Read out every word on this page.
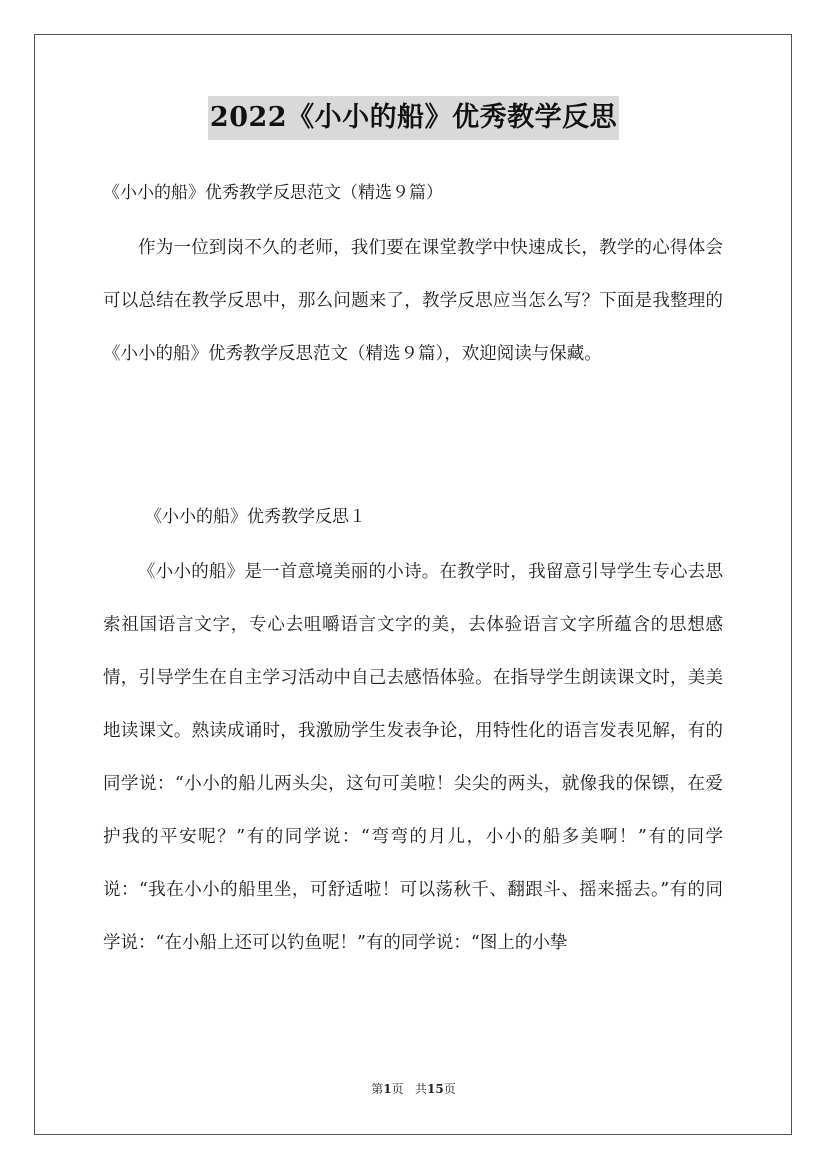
2022《小小的船》优秀教学反思
《小小的船》优秀教学反思范文（精选９篇）

作为一位到岗不久的老师，我们要在课堂教学中快速成长，教学的心得体会可以总结在教学反思中，那么问题来了，教学反思应当怎么写？下面是我整理的《小小的船》优秀教学反思范文（精选９篇），欢迎阅读与保藏。

《小小的船》优秀教学反思１

《小小的船》是一首意境美丽的小诗。在教学时，我留意引导学生专心去思索祖国语言文字，专心去咀嚼语言文字的美，去体验语言文字所蕴含的思想感情，引导学生在自主学习活动中自己去感悟体验。在指导学生朗读课文时，美美地读课文。熟读成诵时，我激励学生发表争论，用特性化的语言发表见解，有的同学说：“小小的船儿两头尖，这句可美啦！尖尖的两头，就像我的保镖，在爱护我的平安呢？”有的同学说：“弯弯的月儿，小小的船多美啊！”有的同学说：“我在小小的船里坐，可舒适啦！可以荡秋千、翻跟斗、摇来摇去。”有的同学说：“在小船上还可以钓鱼呢！”有的同学说：“图上的小挚

第1页   共15页
